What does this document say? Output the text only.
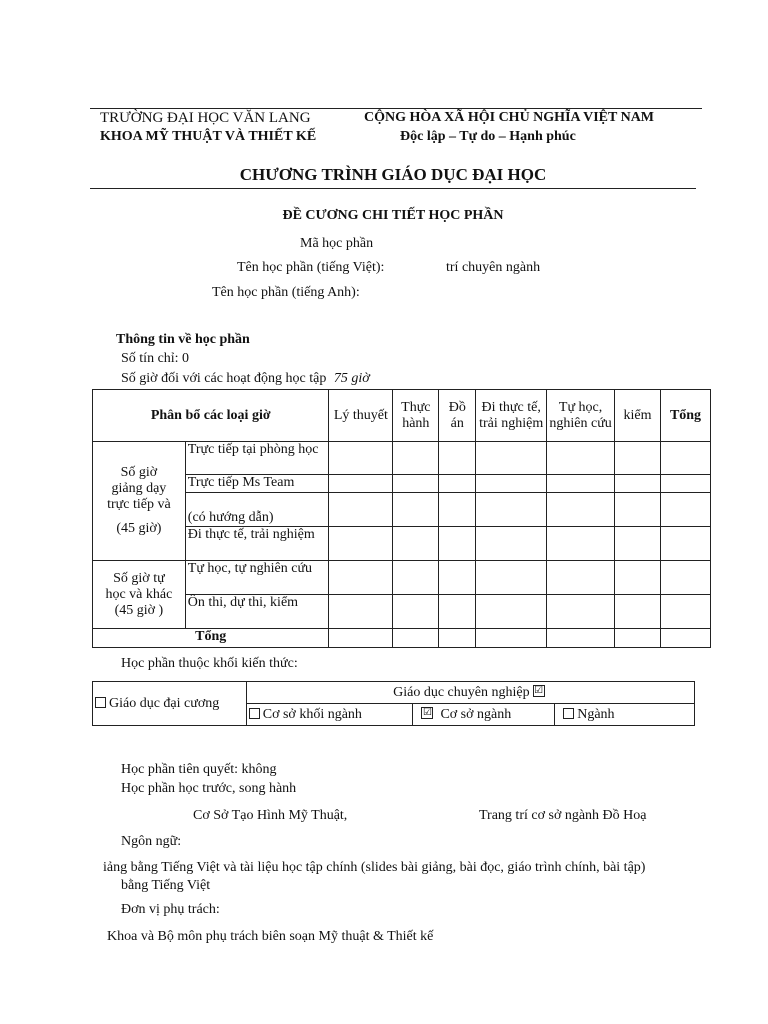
TRƯỜNG ĐẠI HỌC VĂN LANG
KHOA MỸ THUẬT VÀ THIẾT KẾ
CỘNG HÒA XÃ HỘI CHỦ NGHĨA VIỆT NAM
Độc lập – Tự do – Hạnh phúc
CHƯƠNG TRÌNH GIÁO DỤC ĐẠI HỌC
ĐỀ CƯƠNG CHI TIẾT HỌC PHẦN
Mã học phần
Tên học phần (tiếng Việt):	trí chuyên ngành
Tên học phần (tiếng Anh):
Thông tin về học phần
Số tín chỉ: 0
Số giờ đối với các hoạt động học tập 75 giờ
Phân bổ các loại giờ		Lý thuyết	Thực hành	Đồ án	Đi thực tế, trải nghiệm	Tự học, nghiên cứu	kiểm	Tổng

Số giờ
giảng dạy
trực tiếp và
(45 giờ)	Trực tiếp tại phòng học							
	Trực tiếp Ms Team							
	(có hướng dẫn)							
	Đi thực tế, trải nghiệm							

Số giờ tự
học và khác
(45 giờ )	Tự học, tự nghiên cứu							
	Ôn thi, dự thi, kiểm							
Tổng								
Học phần thuộc khối kiến thức:
Giáo dục đại cương	Giáo dục chuyên nghiệp ☑		
	Cơ sở khối ngành	☑ Cơ sở ngành	Ngành
Học phần tiên quyết: không
Học phần học trước, song hành
Cơ Sở Tạo Hình Mỹ Thuật,	Trang trí cơ sở ngành Đồ Hoạ
Ngôn ngữ:
iảng bằng Tiếng Việt và tài liệu học tập chính (slides bài giảng, bài đọc, giáo trình chính, bài tập)
bằng Tiếng Việt
Đơn vị phụ trách:
Khoa và Bộ môn phụ trách biên soạn Mỹ thuật & Thiết kế
